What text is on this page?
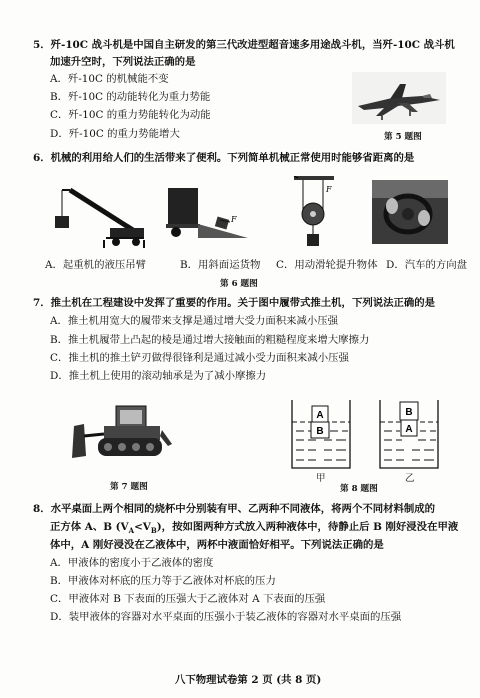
5．歼-10C 战斗机是中国自主研发的第三代改进型超音速多用途战斗机，当歼-10C 战斗机
加速升空时，下列说法正确的是
A．歼-10C 的机械能不变
B．歼-10C 的动能转化为重力势能
C．歼-10C 的重力势能转化为动能
D．歼-10C 的重力势能增大	第 5 题图
6．机械的利用给人们的生活带来了便利。下列简单机械正常使用时能够省距离的是
F
F
A．起重机的液压吊臂	B．用斜面运货物 C．用动滑轮提升物体 D．汽车的方向盘
第 6 题图
7．推土机在工程建设中发挥了重要的作用。关于图中履带式推土机，下列说法正确的是
A．推土机用宽大的履带来支撑是通过增大受力面积来减小压强
B．推土机履带上凸起的棱是通过增大接触面的粗糙程度来增大摩擦力
C．推土机的推土铲刃做得很锋利是通过减小受力面积来减小压强
D．推土机上使用的滚动轴承是为了减小摩擦力
第 7 题图
A
B
B
A
甲	乙
第 8 题图
8．水平桌面上两个相同的烧杯中分别装有甲、乙两种不同液体，将两个不同材料制成的
正方体 A、B $(V_A<V_B)$，按如图两种方式放入两种液体中，待静止后 B 刚好浸没在甲液
体中，A 刚好浸没在乙液体中，两杯中液面恰好相平。下列说法正确的是
A．甲液体的密度小于乙液体的密度
B．甲液体对杯底的压力等于乙液体对杯底的压力
C．甲液体对 B 下表面的压强大于乙液体对 A 下表面的压强
D．装甲液体的容器对水平桌面的压强小于装乙液体的容器对水平桌面的压强
八下物理试卷第 2 页 (共 8 页)
